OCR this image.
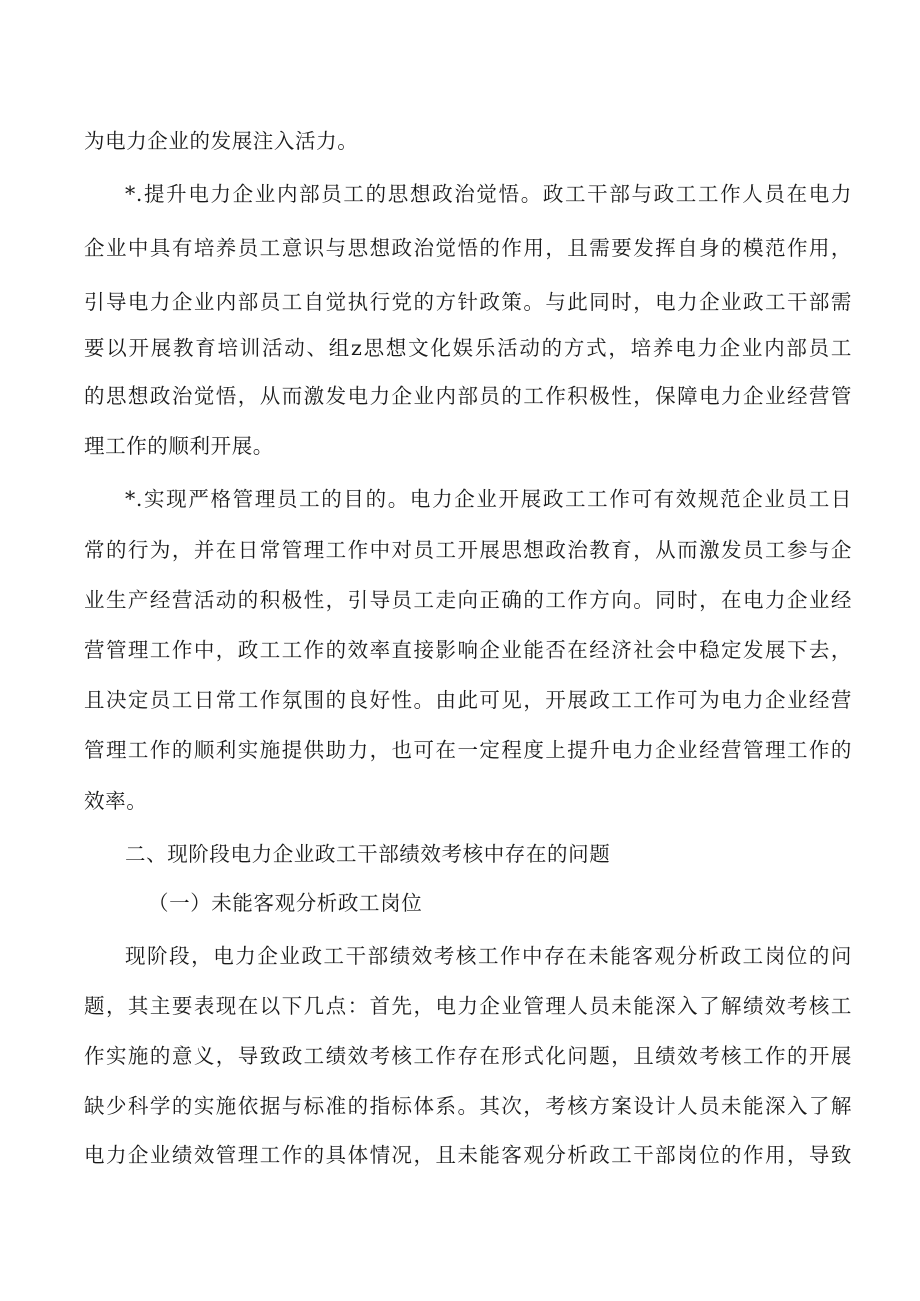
为电力企业的发展注入活力。
*.提升电力企业内部员工的思想政治觉悟。政工干部与政工工作人员在电力
企业中具有培养员工意识与思想政治觉悟的作用，且需要发挥自身的模范作用，
引导电力企业内部员工自觉执行党的方针政策。与此同时，电力企业政工干部需
要以开展教育培训活动、组z思想文化娱乐活动的方式，培养电力企业内部员工
的思想政治觉悟，从而激发电力企业内部员的工作积极性，保障电力企业经营管
理工作的顺利开展。
*.实现严格管理员工的目的。电力企业开展政工工作可有效规范企业员工日
常的行为，并在日常管理工作中对员工开展思想政治教育，从而激发员工参与企
业生产经营活动的积极性，引导员工走向正确的工作方向。同时，在电力企业经
营管理工作中，政工工作的效率直接影响企业能否在经济社会中稳定发展下去，
且决定员工日常工作氛围的良好性。由此可见，开展政工工作可为电力企业经营
管理工作的顺利实施提供助力，也可在一定程度上提升电力企业经营管理工作的
效率。
二、现阶段电力企业政工干部绩效考核中存在的问题
（一）未能客观分析政工岗位
现阶段，电力企业政工干部绩效考核工作中存在未能客观分析政工岗位的问
题，其主要表现在以下几点：首先，电力企业管理人员未能深入了解绩效考核工
作实施的意义，导致政工绩效考核工作存在形式化问题，且绩效考核工作的开展
缺少科学的实施依据与标准的指标体系。其次，考核方案设计人员未能深入了解
电力企业绩效管理工作的具体情况，且未能客观分析政工干部岗位的作用，导致
